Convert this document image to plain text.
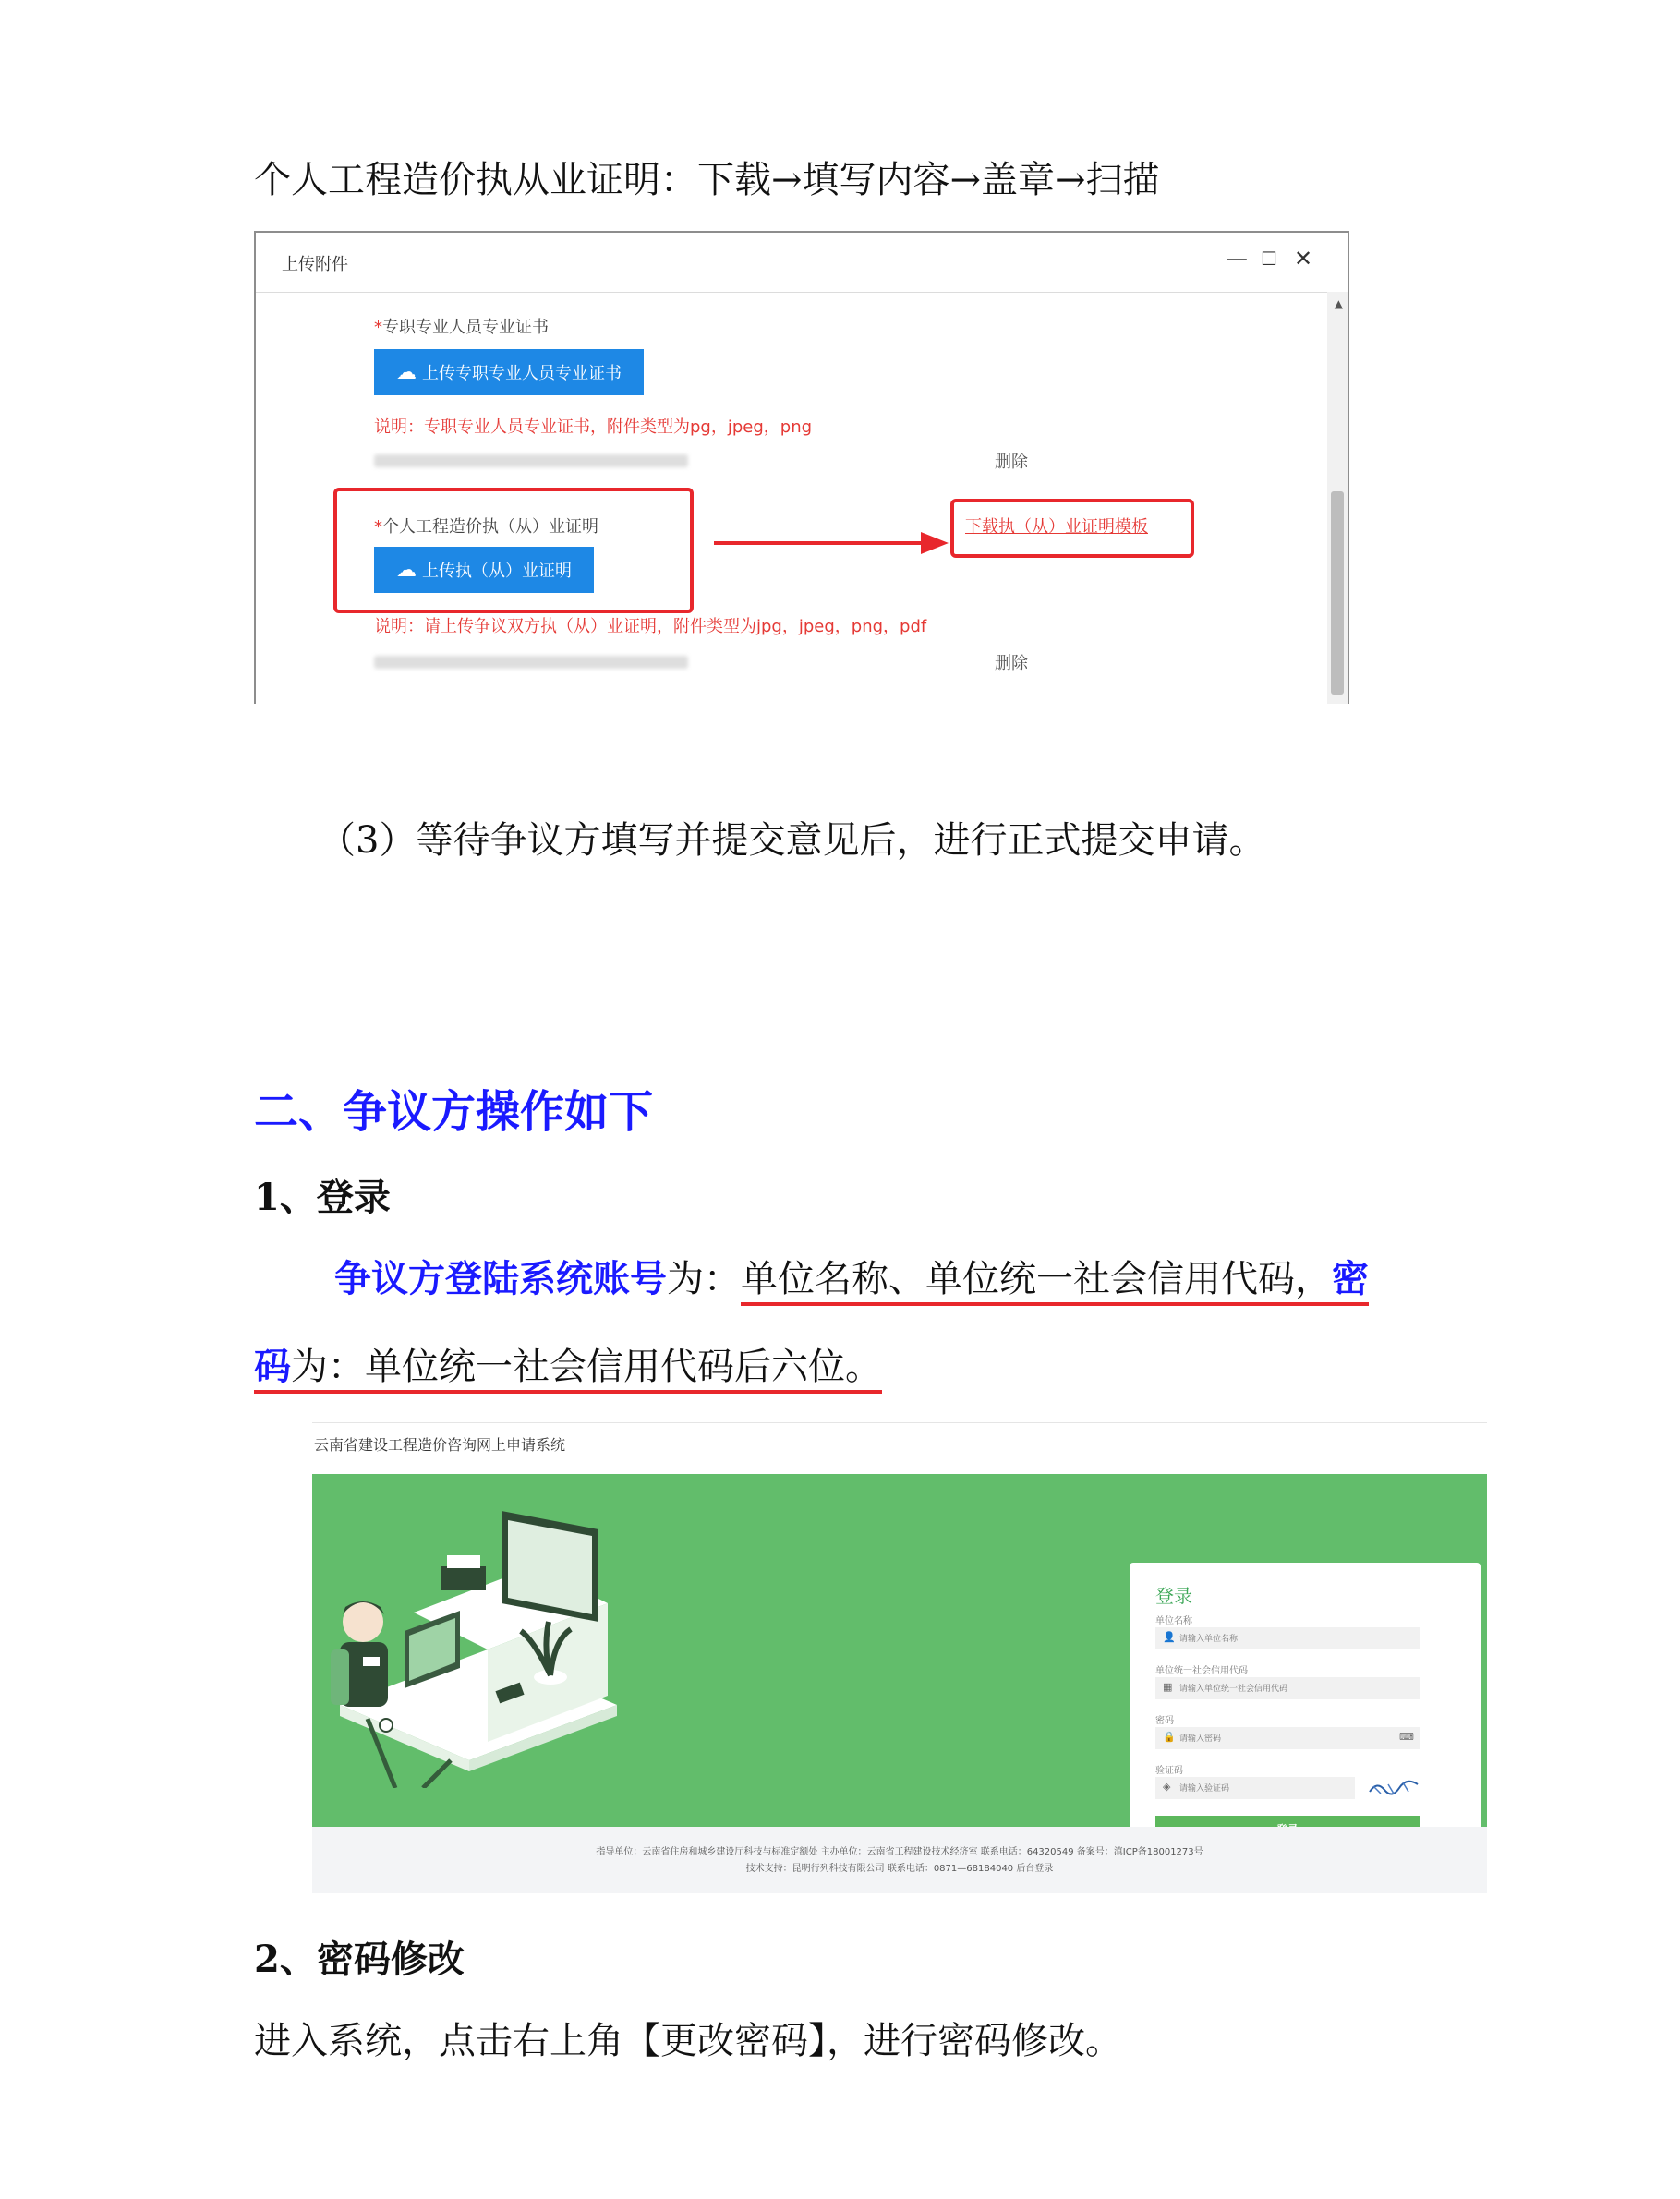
个人工程造价执从业证明：下载→填写内容→盖章→扫描
上传附件	— ☐ ✕
▲
*专职专业人员专业证书
☁ 上传专职专业人员专业证书
说明：专职专业人员专业证书，附件类型为pg，jpeg，png
删除
*个人工程造价执（从）业证明
☁ 上传执（从）业证明
下载执（从）业证明模板
说明：请上传争议双方执（从）业证明，附件类型为jpg，jpeg，png，pdf
删除
（3）等待争议方填写并提交意见后，进行正式提交申请。
二、争议方操作如下
1、登录
争议方登陆系统账号为：单位名称、单位统一社会信用代码，密
码为：单位统一社会信用代码后六位。
云南省建设工程造价咨询网上申请系统
登录
单位名称
请输入单位名称
👤
单位统一社会信用代码
请输入单位统一社会信用代码
▦
密码
请输入密码
🔒	⌨
验证码
请输入验证码
◈
指导单位：云南省住房和城乡建设厅科技与标准定额处 主办单位：云南省工程建设技术经济室 联系电话：64320549 备案号：滇ICP备18001273号
技术支持：昆明行列科技有限公司 联系电话：0871—68184040 后台登录
2、密码修改
进入系统，点击右上角【更改密码】，进行密码修改。
